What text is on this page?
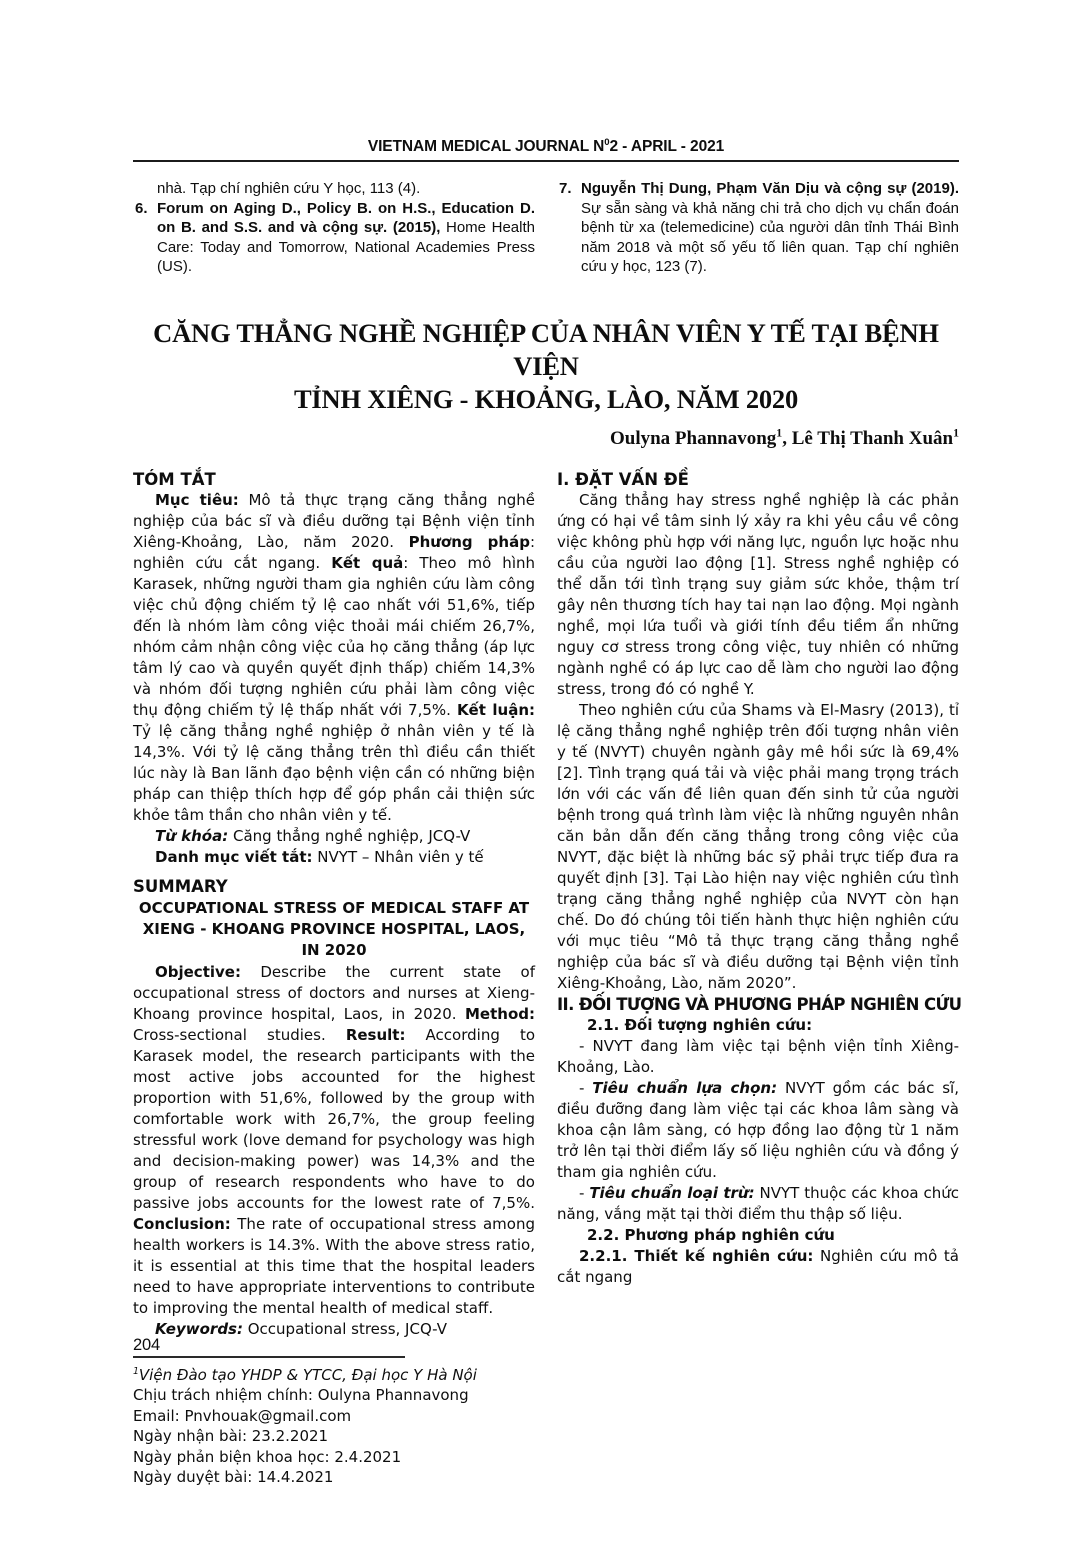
VIETNAM MEDICAL JOURNAL $N^02$ - APRIL - 2021
nhà. Tạp chí nghiên cứu Y học, 113 (4).
6. Forum on Aging D., Policy B. on H.S., Education D. on B. and S.S. and và cộng sự. (2015), Home Health Care: Today and Tomorrow, National Academies Press (US).
7. Nguyễn Thị Dung, Phạm Văn Dịu và cộng sự (2019). Sự sẵn sàng và khả năng chi trả cho dịch vụ chẩn đoán bệnh từ xa (telemedicine) của người dân tỉnh Thái Bình năm 2018 và một số yếu tố liên quan. Tạp chí nghiên cứu y học, 123 (7).
CĂNG THẲNG NGHỀ NGHIỆP CỦA NHÂN VIÊN Y TẾ TẠI BỆNH VIỆN
TỈNH XIÊNG - KHOẢNG, LÀO, NĂM 2020
Oulyna Phannavong$^1$, Lê Thị Thanh Xuân$^1$
TÓM TẮT

Mục tiêu: Mô tả thực trạng căng thẳng nghề nghiệp của bác sĩ và điều dưỡng tại Bệnh viện tỉnh Xiêng-Khoảng, Lào, năm 2020. Phương pháp: nghiên cứu cắt ngang. Kết quả: Theo mô hình Karasek, những người tham gia nghiên cứu làm công việc chủ động chiếm tỷ lệ cao nhất với 51,6%, tiếp đến là nhóm làm công việc thoải mái chiếm 26,7%, nhóm cảm nhận công việc của họ căng thẳng (áp lực tâm lý cao và quyền quyết định thấp) chiếm 14,3% và nhóm đối tượng nghiên cứu phải làm công việc thụ động chiếm tỷ lệ thấp nhất với 7,5%. Kết luận: Tỷ lệ căng thẳng nghề nghiệp ở nhân viên y tế là 14,3%. Với tỷ lệ căng thẳng trên thì điều cần thiết lúc này là Ban lãnh đạo bệnh viện cần có những biện pháp can thiệp thích hợp để góp phần cải thiện sức khỏe tâm thần cho nhân viên y tế.

Từ khóa: Căng thẳng nghề nghiệp, JCQ-V

Danh mục viết tắt: NVYT – Nhân viên y tế

SUMMARY
OCCUPATIONAL STRESS OF MEDICAL STAFF AT XIENG - KHOANG PROVINCE HOSPITAL, LAOS, IN 2020

Objective: Describe the current state of occupational stress of doctors and nurses at Xieng-Khoang province hospital, Laos, in 2020. Method: Cross-sectional studies. Result: According to Karasek model, the research participants with the most active jobs accounted for the highest proportion with 51,6%, followed by the group with comfortable work with 26,7%, the group feeling stressful work (love demand for psychology was high and decision-making power) was 14,3% and the group of research respondents who have to do passive jobs accounts for the lowest rate of 7,5%. Conclusion: The rate of occupational stress among health workers is 14.3%. With the above stress ratio, it is essential at this time that the hospital leaders need to have appropriate interventions to contribute to improving the mental health of medical staff.

Keywords: Occupational stress, JCQ-V

$^1$Viện Đào tạo YHDP & YTCC, Đại học Y Hà Nội
Chịu trách nhiệm chính: Oulyna Phannavong
Email: Pnvhouak@gmail.com
Ngày nhận bài: 23.2.2021
Ngày phản biện khoa học: 2.4.2021
Ngày duyệt bài: 14.4.2021
I. ĐẶT VẤN ĐỀ

Căng thẳng hay stress nghề nghiệp là các phản ứng có hại về tâm sinh lý xảy ra khi yêu cầu về công việc không phù hợp với năng lực, nguồn lực hoặc nhu cầu của người lao động [1]. Stress nghề nghiệp có thể dẫn tới tình trạng suy giảm sức khỏe, thậm trí gây nên thương tích hay tai nạn lao động. Mọi ngành nghề, mọi lứa tuổi và giới tính đều tiềm ẩn những nguy cơ stress trong công việc, tuy nhiên có những ngành nghề có áp lực cao dễ làm cho người lao động stress, trong đó có nghề Y.

Theo nghiên cứu của Shams và El-Masry (2013), tỉ lệ căng thẳng nghề nghiệp trên đối tượng nhân viên y tế (NVYT) chuyên ngành gây mê hồi sức là 69,4% [2]. Tình trạng quá tải và việc phải mang trọng trách lớn với các vấn đề liên quan đến sinh tử của người bệnh trong quá trình làm việc là những nguyên nhân căn bản dẫn đến căng thẳng trong công việc của NVYT, đặc biệt là những bác sỹ phải trực tiếp đưa ra quyết định [3]. Tại Lào hiện nay việc nghiên cứu tình trạng căng thẳng nghề nghiệp của NVYT còn hạn chế. Do đó chúng tôi tiến hành thực hiện nghiên cứu với mục tiêu “Mô tả thực trạng căng thẳng nghề nghiệp của bác sĩ và điều dưỡng tại Bệnh viện tỉnh Xiêng-Khoảng, Lào, năm 2020”.

II. ĐỐI TƯỢNG VÀ PHƯƠNG PHÁP NGHIÊN CỨU
2.1. Đối tượng nghiên cứu:

- NVYT đang làm việc tại bệnh viện tỉnh Xiêng-Khoảng, Lào.

- Tiêu chuẩn lựa chọn: NVYT gồm các bác sĩ, điều đưỡng đang làm việc tại các khoa lâm sàng và khoa cận lâm sàng, có hợp đồng lao động từ 1 năm trở lên tại thời điểm lấy số liệu nghiên cứu và đồng ý tham gia nghiên cứu.

- Tiêu chuẩn loại trừ: NVYT thuộc các khoa chức năng, vắng mặt tại thời điểm thu thập số liệu.

2.2. Phương pháp nghiên cứu

2.2.1. Thiết kế nghiên cứu: Nghiên cứu mô tả cắt ngang

204
